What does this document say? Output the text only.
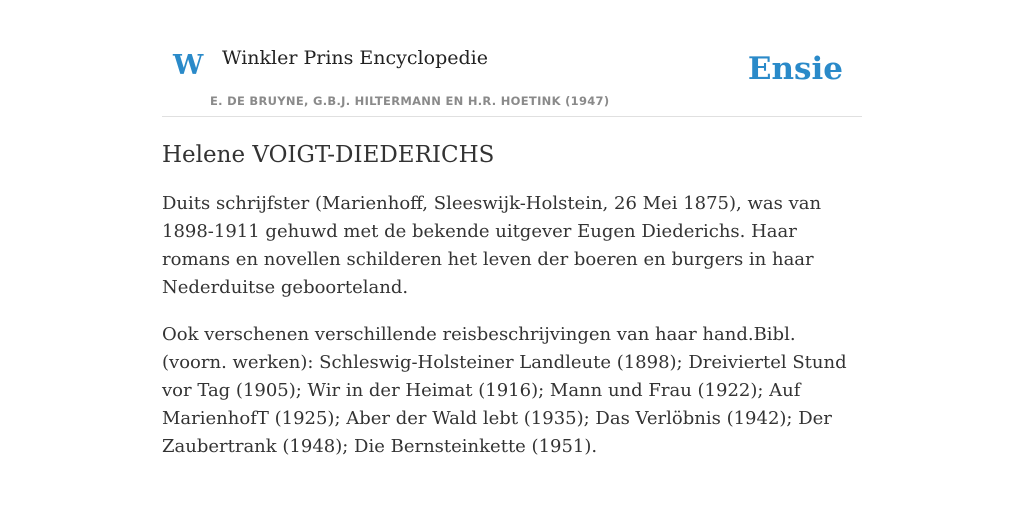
W Winkler Prins Encyclopedie
E. DE BRUYNE, G.B.J. HILTERMANN EN H.R. HOETINK (1947)
Ensie
Helene VOIGT-DIEDERICHS

Duits schrijfster (Marienhoff, Sleeswijk-Holstein, 26 Mei 1875), was van 1898-1911 gehuwd met de bekende uitgever Eugen Diederichs. Haar romans en novellen schilderen het leven der boeren en burgers in haar Nederduitse geboorteland.

Ook verschenen verschillende reisbeschrijvingen van haar hand.Bibl. (voorn. werken): Schleswig-Holsteiner Landleute (1898); Dreiviertel Stund vor Tag (1905); Wir in der Heimat (1916); Mann und Frau (1922); Auf MarienhofT (1925); Aber der Wald lebt (1935); Das Verlöbnis (1942); Der Zaubertrank (1948); Die Bernsteinkette (1951).
